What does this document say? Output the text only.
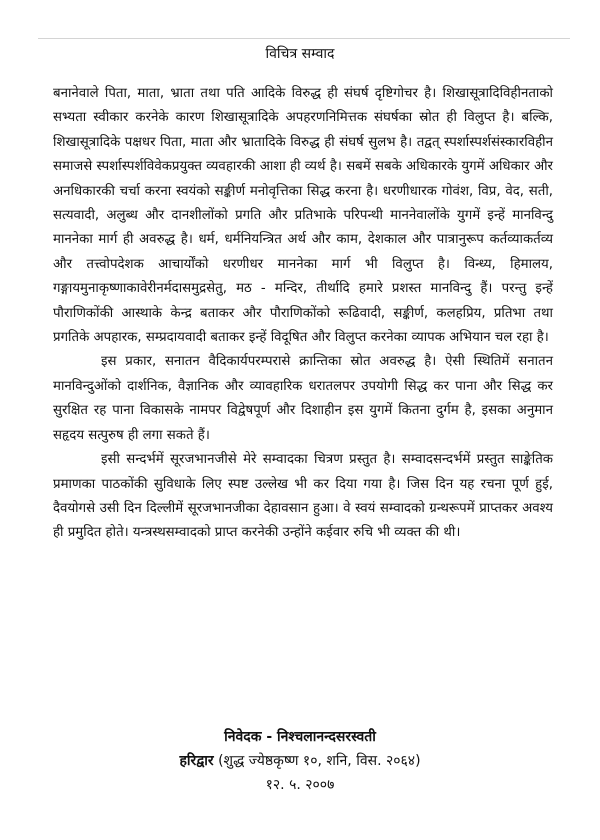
विचित्र सम्वाद

बनानेवाले पिता, माता, भ्राता तथा पति आदिके विरुद्ध ही संघर्ष दृष्टिगोचर है। शिखासूत्रादिविहीनताको सभ्यता स्वीकार करनेके कारण शिखासूत्रादिके अपहरणनिमित्तक संघर्षका स्रोत ही विलुप्त है। बल्कि, शिखासूत्रादिके पक्षधर पिता, माता और भ्रातादिके विरुद्ध ही संघर्ष सुलभ है। तद्वत् स्पर्शास्पर्शसंस्कारविहीन समाजसे स्पर्शास्पर्शविवेकप्रयुक्त व्यवहारकी आशा ही व्यर्थ है। सबमें सबके अधिकारके युगमें अधिकार और अनधिकारकी चर्चा करना स्वयंको सङ्कीर्ण मनोवृत्तिका सिद्ध करना है। धरणीधारक गोवंश, विप्र, वेद, सती, सत्यवादी, अलुब्ध और दानशीलोंको प्रगति और प्रतिभाके परिपन्थी माननेवालोंके युगमें इन्हें मानविन्दु माननेका मार्ग ही अवरुद्ध है। धर्म, धर्मनियन्त्रित अर्थ और काम, देशकाल और पात्रानुरूप कर्तव्याकर्तव्य और तत्त्वोपदेशक आचार्योंको धरणीधर माननेका मार्ग भी विलुप्त है। विन्ध्य, हिमालय, गङ्गायमुनाकृष्णाकावेरीनर्मदासमुद्रसेतु, मठ - मन्दिर, तीर्थादि हमारे प्रशस्त मानविन्दु हैं। परन्तु इन्हें पौराणिकोंकी आस्थाके केन्द्र बताकर और पौराणिकोंको रूढिवादी, सङ्कीर्ण, कलहप्रिय, प्रतिभा तथा प्रगतिके अपहारक, सम्प्रदायवादी बताकर इन्हें विदूषित और विलुप्त करनेका व्यापक अभियान चल रहा है।

इस प्रकार, सनातन वैदिकार्यपरम्परासे क्रान्तिका स्रोत अवरुद्ध है। ऐसी स्थितिमें सनातन मानविन्दुओंको दार्शनिक, वैज्ञानिक और व्यावहारिक धरातलपर उपयोगी सिद्ध कर पाना और सिद्ध कर सुरक्षित रह पाना विकासके नामपर विद्वेषपूर्ण और दिशाहीन इस युगमें कितना दुर्गम है, इसका अनुमान सहृदय सत्पुरुष ही लगा सकते हैं।

इसी सन्दर्भमें सूरजभानजीसे मेरे सम्वादका चित्रण प्रस्तुत है। सम्वादसन्दर्भमें प्रस्तुत साङ्केतिक प्रमाणका पाठकोंकी सुविधाके लिए स्पष्ट उल्लेख भी कर दिया गया है। जिस दिन यह रचना पूर्ण हुई, दैवयोगसे उसी दिन दिल्लीमें सूरजभानजीका देहावसान हुआ। वे स्वयं सम्वादको ग्रन्थरूपमें प्राप्तकर अवश्य ही प्रमुदित होते। यन्त्रस्थसम्वादको प्राप्त करनेकी उन्होंने कईवार रुचि भी व्यक्त की थी।

निवेदक - निश्चलानन्दसरस्वती
हरिद्वार (शुद्ध ज्येष्ठकृष्ण १०, शनि, विस. २०६४)
१२. ५. २००७
